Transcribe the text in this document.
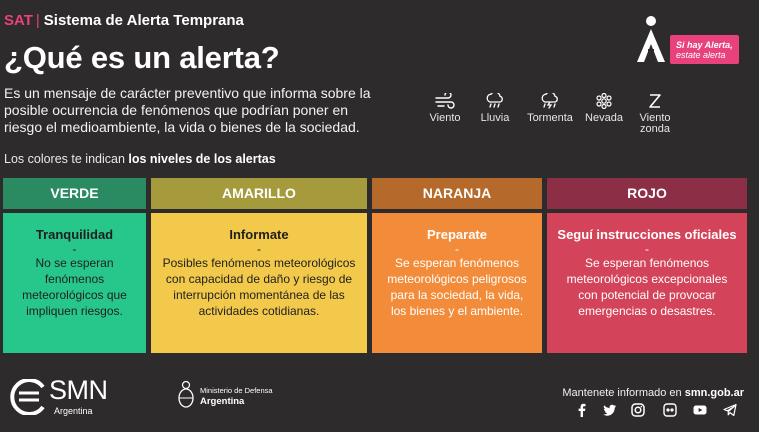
SAT | Sistema de Alerta Temprana
¿Qué es un alerta?
Es un mensaje de carácter preventivo que informa sobre la posible ocurrencia de fenómenos que podrían poner en riesgo el medioambiente, la vida o bienes de la sociedad.
Los colores te indican los niveles de los alertas
Si hay Alerta,
estate alerta
Viento	Lluvia	Tormenta	Nevada	Viento zonda
VERDE
Tranquilidad
-
No se esperan fenómenos meteorológicos que impliquen riesgos.
AMARILLO
Informate
-
Posibles fenómenos meteorológicos con capacidad de daño y riesgo de interrupción momentánea de las actividades cotidianas.
NARANJA
Preparate
-
Se esperan fenómenos meteorológicos peligrosos para la sociedad, la vida, los bienes y el ambiente.
ROJO
Seguí instrucciones oficiales
-
Se esperan fenómenos meteorológicos excepcionales con potencial de provocar emergencias o desastres.
SMN
Argentina
Ministerio de Defensa
Argentina
Mantenete informado en smn.gob.ar
